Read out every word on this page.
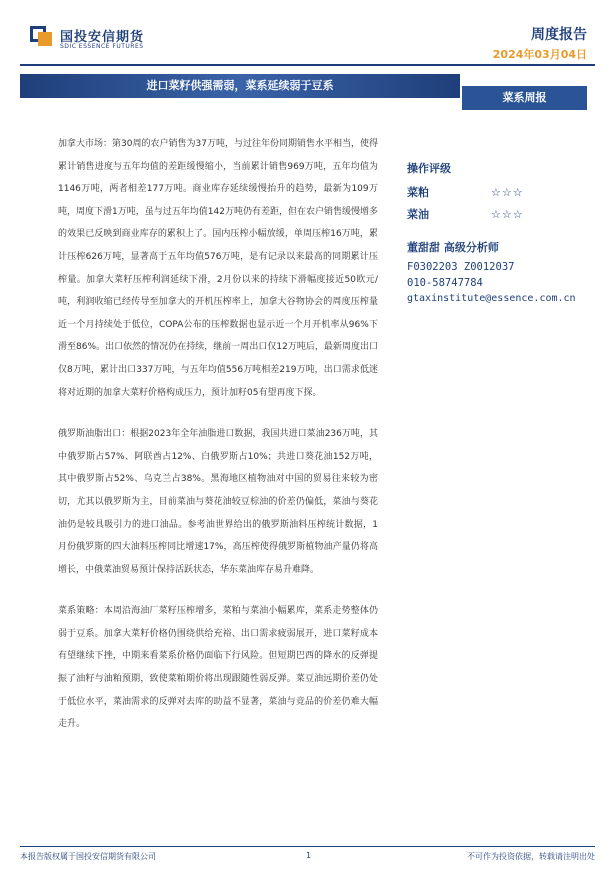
国投安信期货
SDIC ESSENCE FUTURES
周度报告
2024年03月04日
进口菜籽供强需弱，菜系延续弱于豆系
菜系周报

加拿大市场：第30周的农户销售为37万吨，与过往年份同期销售水平相当，使得累计销售进度与五年均值的差距缓慢缩小，当前累计销售969万吨，五年均值为1146万吨，两者相差177万吨。商业库存延续缓慢抬升的趋势，最新为109万吨，周度下滑1万吨，虽与过五年均值142万吨仍有差距，但在农户销售缓慢增多的效果已反映到商业库存的累积上了。国内压榨小幅放缓，单周压榨16万吨，累计压榨626万吨，显著高于五年均值576万吨，是有记录以来最高的同期累计压榨量。加拿大菜籽压榨利润延续下滑，2月份以来的持续下滑幅度接近50欧元/吨，利润收缩已经传导至加拿大的开机压榨率上，加拿大谷物协会的周度压榨量近一个月持续处于低位，COPA公布的压榨数据也显示近一个月开机率从96%下滑至86%。出口依然的情况仍在持续，继前一周出口仅12万吨后，最新周度出口仅8万吨，累计出口337万吨，与五年均值556万吨相差219万吨，出口需求低迷将对近期的加拿大菜籽价格构成压力，预计加籽05有望再度下探。

俄罗斯油脂出口：根据2023年全年油脂进口数据，我国共进口菜油236万吨，其中俄罗斯占57%、阿联酋占12%、白俄罗斯占10%；共进口葵花油152万吨，其中俄罗斯占52%、乌克兰占38%。黑海地区植物油对中国的贸易往来较为密切，尤其以俄罗斯为主，目前菜油与葵花油较豆棕油的价差仍偏低，菜油与葵花油仍是较具吸引力的进口油品。参考油世界给出的俄罗斯油料压榨统计数据，1月份俄罗斯的四大油料压榨同比增速17%，高压榨使得俄罗斯植物油产量仍将高增长，中俄菜油贸易预计保持活跃状态，华东菜油库存易升难降。

菜系策略：本周沿海油厂菜籽压榨增多，菜粕与菜油小幅累库，菜系走势整体仍弱于豆系。加拿大菜籽价格仍围绕供给充裕、出口需求疲弱展开，进口菜籽成本有望继续下挫，中期来看菜系价格仍面临下行风险。但短期巴西的降水的反弹提振了油籽与油粕预期，致使菜粕期价将出现跟随性弱反弹。菜豆油远期价差仍处于低位水平，菜油需求的反弹对去库的助益不显著，菜油与竞品的价差仍难大幅走升。

操作评级
菜粕	☆☆☆
菜油	☆☆☆
董甜甜 高级分析师
F0302203 Z0012037
010-58747784
gtaxinstitute@essence.com.cn
本报告版权属于国投安信期货有限公司	1	不可作为投资依据，转载请注明出处
